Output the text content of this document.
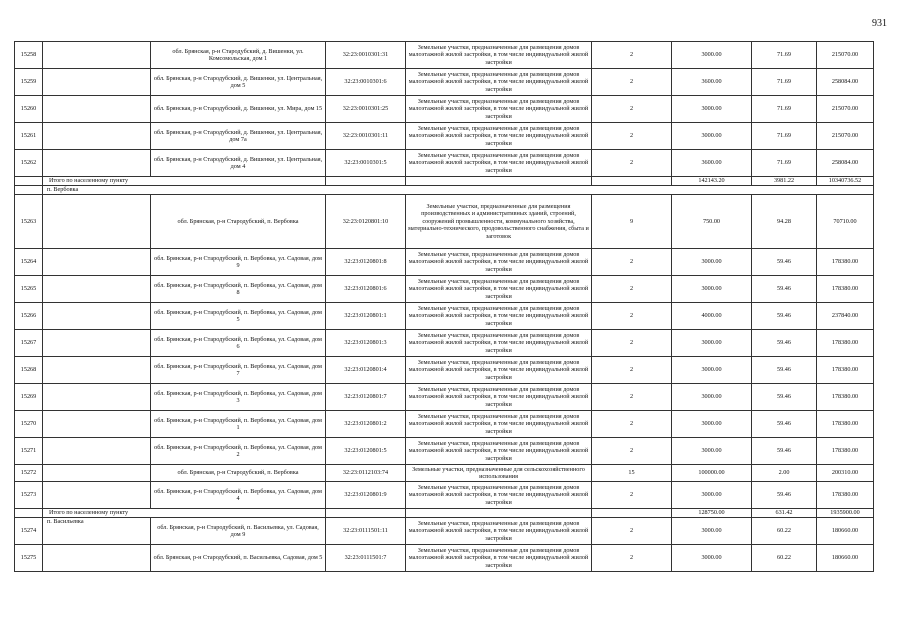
931
15258		обл. Брянская, р-н Стародубский, д. Вишенки, ул. Комсомольская, дом 1	32:23:0010301:31	Земельные участки, предназначенные для размещения домов малоэтажной жилой застройки, в том числе индивидуальной жилой застройки	2	3000.00	71.69	215070.00
15259		обл. Брянская, р-н Стародубский, д. Вишенки, ул. Центральная, дом 5	32:23:0010301:6	Земельные участки, предназначенные для размещения домов малоэтажной жилой застройки, в том числе индивидуальной жилой застройки	2	3600.00	71.69	258084.00
15260		обл. Брянская, р-н Стародубский, д. Вишенки, ул. Мира, дом 15	32:23:0010301:25	Земельные участки, предназначенные для размещения домов малоэтажной жилой застройки, в том числе индивидуальной жилой застройки	2	3000.00	71.69	215070.00
15261		обл. Брянская, р-н Стародубский, д. Вишенки, ул. Центральная, дом 7а	32:23:0010301:11	Земельные участки, предназначенные для размещения домов малоэтажной жилой застройки, в том числе индивидуальной жилой застройки	2	3000.00	71.69	215070.00
15262		обл. Брянская, р-н Стародубский, д. Вишенки, ул. Центральная, дом 4	32:23:0010301:5	Земельные участки, предназначенные для размещения домов малоэтажной жилой застройки, в том числе индивидуальной жилой застройки	2	3600.00	71.69	258084.00
	Итого по населенному пункту					142143.20	3981.22	10340736.52
	п. Вербовка							
15263		обл. Брянская, р-н Стародубский, п. Вербовка	32:23:0120801:10	Земельные участки, предназначенные для размещения производственных и административных зданий, строений, сооружений промышленности, коммунального хозяйства, материально-технического, продовольственного снабжения, сбыта и заготовок	9	750.00	94.28	70710.00
15264		обл. Брянская, р-н Стародубский, п. Вербовка, ул. Садовая, дом 9	32:23:0120801:8	Земельные участки, предназначенные для размещения домов малоэтажной жилой застройки, в том числе индивидуальной жилой застройки	2	3000.00	59.46	178380.00
15265		обл. Брянская, р-н Стародубский, п. Вербовка, ул. Садовая, дом 8	32:23:0120801:6	Земельные участки, предназначенные для размещения домов малоэтажной жилой застройки, в том числе индивидуальной жилой застройки	2	3000.00	59.46	178380.00
15266		обл. Брянская, р-н Стародубский, п. Вербовка, ул. Садовая, дом 5	32:23:0120801:1	Земельные участки, предназначенные для размещения домов малоэтажной жилой застройки, в том числе индивидуальной жилой застройки	2	4000.00	59.46	237840.00
15267		обл. Брянская, р-н Стародубский, п. Вербовка, ул. Садовая, дом 6	32:23:0120801:3	Земельные участки, предназначенные для размещения домов малоэтажной жилой застройки, в том числе индивидуальной жилой застройки	2	3000.00	59.46	178380.00
15268		обл. Брянская, р-н Стародубский, п. Вербовка, ул. Садовая, дом 7	32:23:0120801:4	Земельные участки, предназначенные для размещения домов малоэтажной жилой застройки, в том числе индивидуальной жилой застройки	2	3000.00	59.46	178380.00
15269		обл. Брянская, р-н Стародубский, п. Вербовка, ул. Садовая, дом 3	32:23:0120801:7	Земельные участки, предназначенные для размещения домов малоэтажной жилой застройки, в том числе индивидуальной жилой застройки	2	3000.00	59.46	178380.00
15270		обл. Брянская, р-н Стародубский, п. Вербовка, ул. Садовая, дом 1	32:23:0120801:2	Земельные участки, предназначенные для размещения домов малоэтажной жилой застройки, в том числе индивидуальной жилой застройки	2	3000.00	59.46	178380.00
15271		обл. Брянская, р-н Стародубский, п. Вербовка, ул. Садовая, дом 2	32:23:0120801:5	Земельные участки, предназначенные для размещения домов малоэтажной жилой застройки, в том числе индивидуальной жилой застройки	2	3000.00	59.46	178380.00
15272		обл. Брянская, р-н Стародубский, п. Вербовка	32:23:0112103:74	Земельные участки, предназначенные для сельскохозяйственного использования	15	100000.00	2.00	200310.00
15273		обл. Брянская, р-н Стародубский, п. Вербовка, ул. Садовая, дом 4	32:23:0120801:9	Земельные участки, предназначенные для размещения домов малоэтажной жилой застройки, в том числе индивидуальной жилой застройки	2	3000.00	59.46	178380.00
	Итого по населенному пункту					128750.00	631.42	1935900.00
15274	п. Васильевка	обл. Брянская, р-н Стародубский, п. Васильевка, ул. Садовая, дом 9	32:23:0111501:11	Земельные участки, предназначенные для размещения домов малоэтажной жилой застройки, в том числе индивидуальной жилой застройки	2	3000.00	60.22	180660.00
15275		обл. Брянская, р-н Стародубский, п. Васильевка, Садовая, дом 5	32:23:0111501:7	Земельные участки, предназначенные для размещения домов малоэтажной жилой застройки, в том числе индивидуальной жилой застройки	2	3000.00	60.22	180660.00
